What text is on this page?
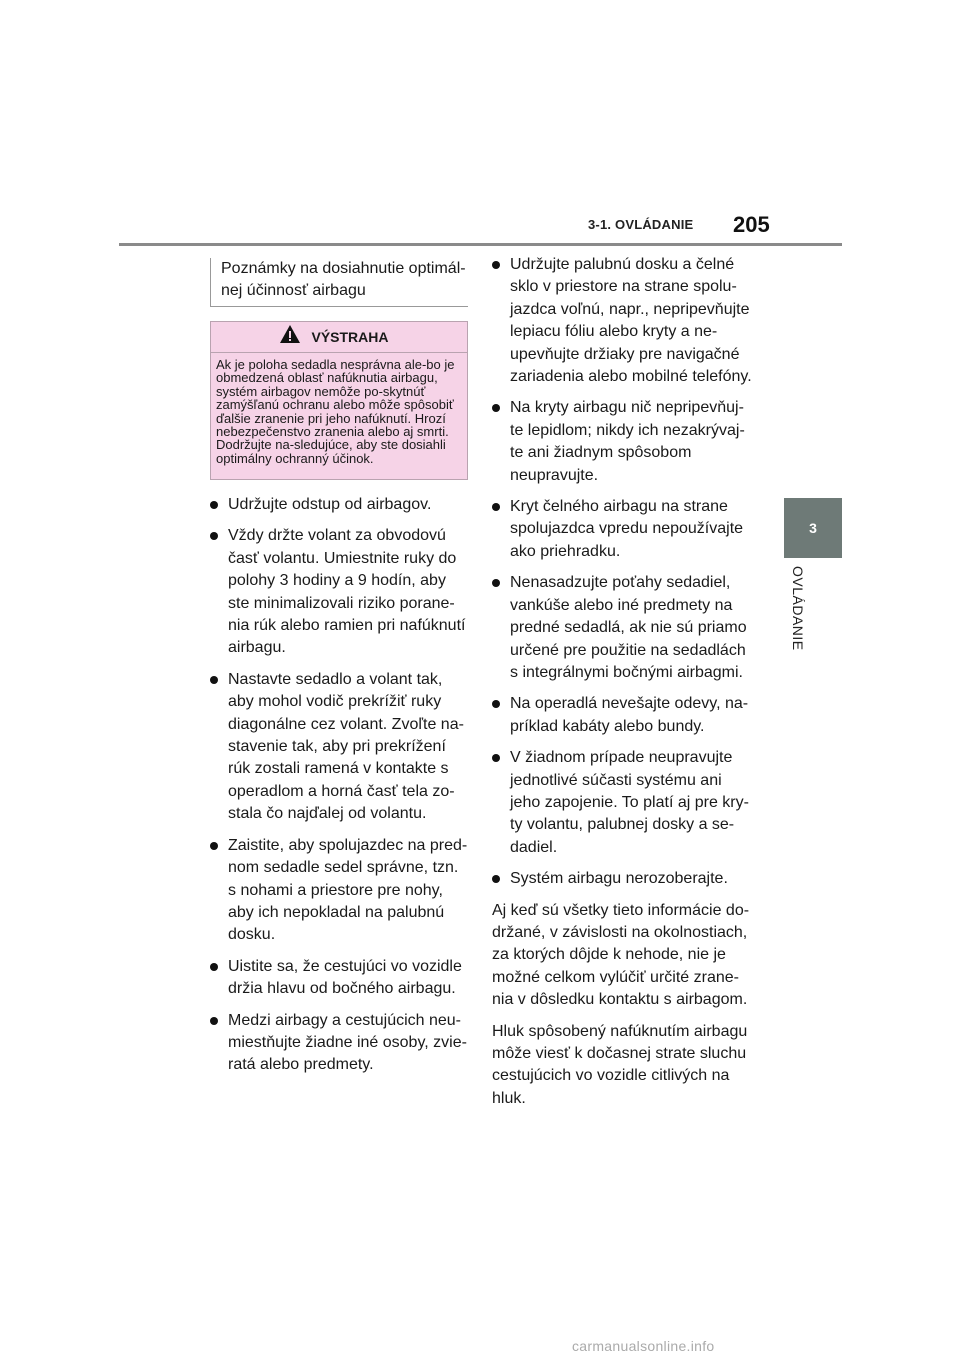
3-1. OVLÁDANIE 205
3
OVLÁDANIE
Poznámky na dosiahnutie optimál-nej účinnosť airbagu
VÝSTRAHA
Ak je poloha sedadla nesprávna ale-bo je obmedzená oblasť nafúknutia airbagu, systém airbagov nemôže po-skytnúť zamýšľanú ochranu alebo môže spôsobiť ďalšie zranenie pri jeho nafúknutí. Hrozí nebezpečenstvo zranenia alebo aj smrti. Dodržujte na-sledujúce, aby ste dosiahli optimálny ochranný účinok.
Udržujte odstup od airbagov.
Vždy držte volant za obvodovú časť volantu. Umiestnite ruky do polohy 3 hodiny a 9 hodín, aby ste minimalizovali riziko porane-nia rúk alebo ramien pri nafúknutí airbagu.
Nastavte sedadlo a volant tak, aby mohol vodič prekrížiť ruky diagonálne cez volant. Zvoľte na-stavenie tak, aby pri prekrížení rúk zostali ramená v kontakte s operadlom a horná časť tela zo-stala čo najďalej od volantu.
Zaistite, aby spolujazdec na pred-nom sedadle sedel správne, tzn. s nohami a priestore pre nohy, aby ich nepokladal na palubnú dosku.
Uistite sa, že cestujúci vo vozidle držia hlavu od bočného airbagu.
Medzi airbagy a cestujúcich neu-miestňujte žiadne iné osoby, zvie-ratá alebo predmety.
Udržujte palubnú dosku a čelné sklo v priestore na strane spolu-jazdca voľnú, napr., nepripevňujte lepiacu fóliu alebo kryty a ne-upevňujte držiaky pre navigačné zariadenia alebo mobilné telefóny.
Na kryty airbagu nič nepripevňuj-te lepidlom; nikdy ich nezakrývaj-te ani žiadnym spôsobom neupravujte.
Kryt čelného airbagu na strane spolujazdca vpredu nepoužívajte ako priehradku.
Nenasadzujte poťahy sedadiel, vankúše alebo iné predmety na predné sedadlá, ak nie sú priamo určené pre použitie na sedadlách s integrálnymi bočnými airbagmi.
Na operadlá nevešajte odevy, na-príklad kabáty alebo bundy.
V žiadnom prípade neupravujte jednotlivé súčasti systému ani jeho zapojenie. To platí aj pre kry-ty volantu, palubnej dosky a se-dadiel.
Systém airbagu nerozoberajte.

Aj keď sú všetky tieto informácie do-držané, v závislosti na okolnostiach, za ktorých dôjde k nehode, nie je možné celkom vylúčiť určité zrane-nia v dôsledku kontaktu s airbagom.

Hluk spôsobený nafúknutím airbagu môže viesť k dočasnej strate sluchu cestujúcich vo vozidle citlivých na hluk.

carmanualsonline.info
